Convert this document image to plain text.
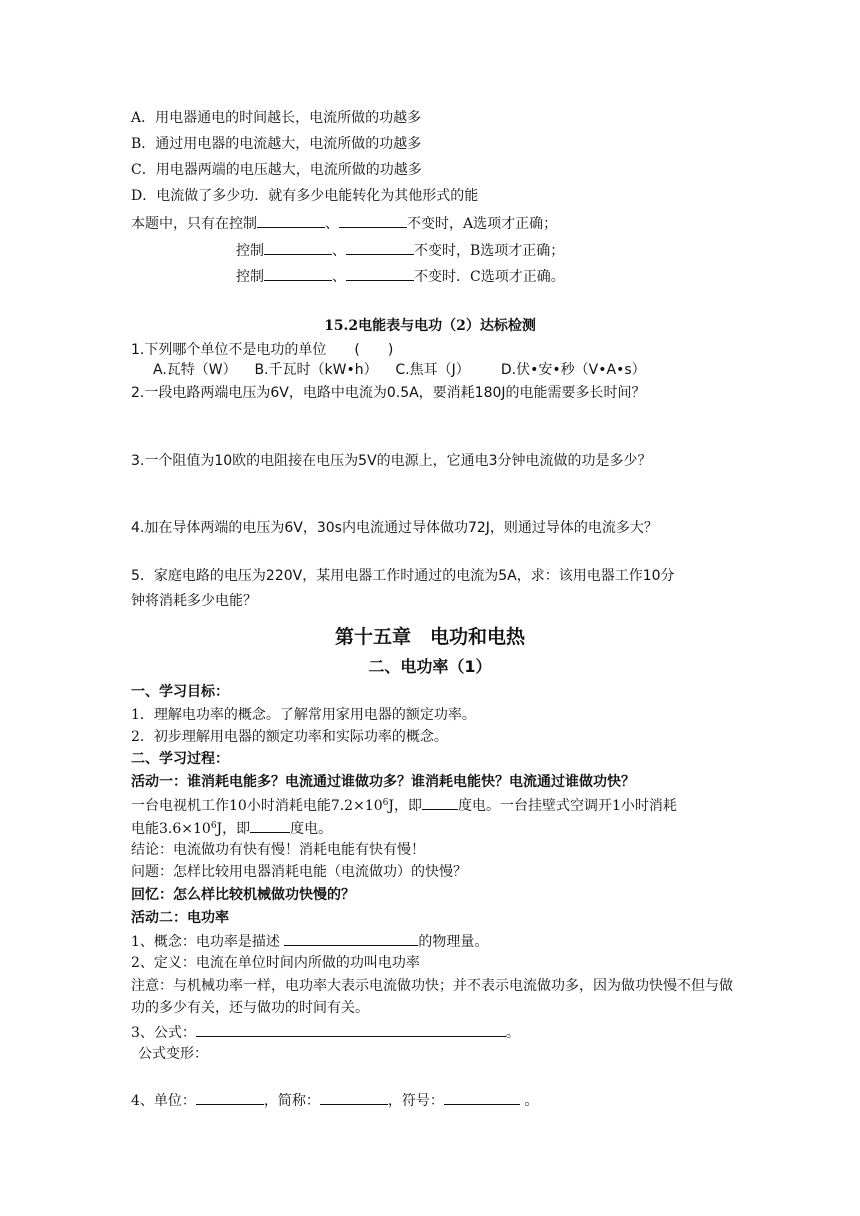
A．用电器通电的时间越长，电流所做的功越多
B．通过用电器的电流越大，电流所做的功越多
C．用电器两端的电压越大，电流所做的功越多
D．电流做了多少功．就有多少电能转化为其他形式的能
本题中，只有在控制	、	不变时，A选项才正确；
控制	、	不变时，B选项才正确；
控制	、	不变时．C选项才正确。
15.2电能表与电功（2）达标检测
1.下列哪个单位不是电功的单位　　(　　)
A.瓦特（W） B.千瓦时（kW•h） C.焦耳（J） D.伏•安•秒（V•A•s）
2.一段电路两端电压为6V，电路中电流为0.5A，要消耗180J的电能需要多长时间？
3.一个阻值为10欧的电阻接在电压为5V的电源上，它通电3分钟电流做的功是多少？
4.加在导体两端的电压为6V，30s内电流通过导体做功72J，则通过导体的电流多大？
5．家庭电路的电压为220V，某用电器工作时通过的电流为5A，求：该用电器工作10分
钟将消耗多少电能？
第十五章　电功和电热
二、电功率（1）
一、学习目标：
1．理解电功率的概念。了解常用家用电器的额定功率。
2．初步理解用电器的额定功率和实际功率的概念。
二、学习过程：
活动一：谁消耗电能多？电流通过谁做功多？谁消耗电能快？电流通过谁做功快？
一台电视机工作10小时消耗电能$7.2\times 10^6J$，即	度电。一台挂壁式空调开1小时消耗
电能$3.6\times 10^6J$，即	度电。
结论：电流做功有快有慢！消耗电能有快有慢！
问题：怎样比较用电器消耗电能（电流做功）的快慢？
回忆：怎么样比较机械做功快慢的？
活动二：电功率
1、概念：电功率是描述	的物理量。
2、定义：电流在单位时间内所做的功叫电功率
注意：与机械功率一样，电功率大表示电流做功快；并不表示电流做功多，因为做功快慢不但与做功的多少有关，还与做功的时间有关。
3、公式：	。
公式变形：
4、单位：	，简称：	，符号：	。
